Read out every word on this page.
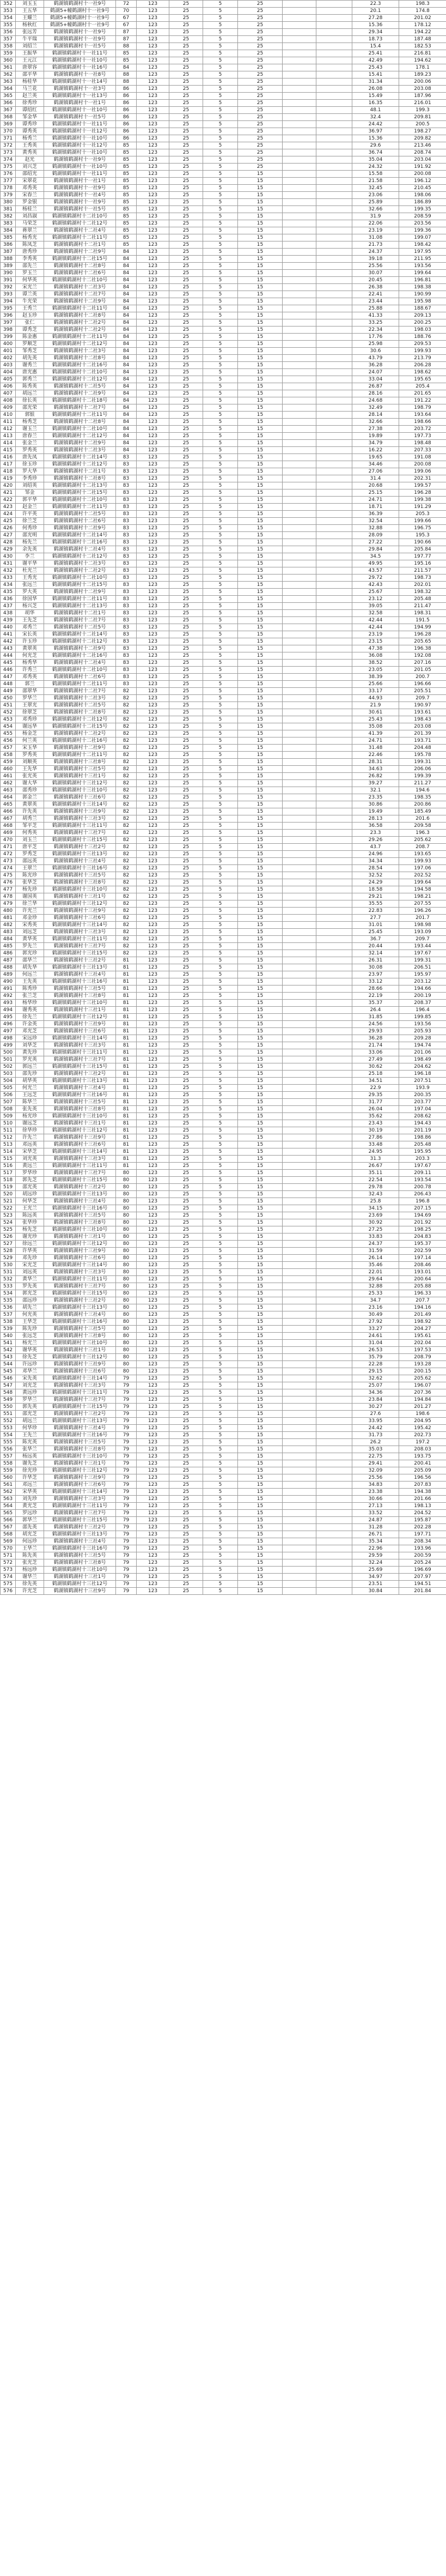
352	刘玉玉	鹤湖镇鹤湖村十一社9号	72	123	25	5	25			22.3	198.3
353	王五华	鹤湖5+幢鹤湖村十一社9号	70	123	25	5	25			20.1	174.8
354	王耀兰	鹤湖5+幢鹤湖村十一社9号	67	123	25	5	25			27.28	201.02
355	杨秋红	鹤湖5+幢鹤湖村十一社9号	67	123	25	5	25			15.36	178.12
356	张远芳	鹤湖镇鹤湖村十一社9号	87	123	25	5	25			29.34	194.22
357	牛平瑞	鹤湖镇鹤湖村十一社9号	87	123	25	5	25			18.73	187.48
358	刘绍兰	鹤湖镇鹤湖村十一社5号	88	123	25	5	25			15.4	182.53
359	王振华	鹤湖镇鹤湖村十一社11号	85	123	25	5	25			25.41	216.81
360	王元江	鹤湖镇鹤湖村十一社10号	85	123	25	5	25			42.49	194.62
361	唐翠容	鹤湖镇鹤湖村十一社16号	84	123	25	5	25			25.43	178.1
362	邵平华	鹤湖镇鹤湖村十一社8号	88	123	25	5	25			15.41	189.23
363	杨桂华	鹤湖镇鹤湖村十一社14号	88	123	25	5	25			31.34	200.06
364	马兰花	鹤湖镇鹤湖村十一社3号	86	123	25	5	25			26.08	203.08
365	赵兰英	鹤湖镇鹤湖村十一社13号	86	123	25	5	25			15.49	187.96
366	徐秀珍	鹤湖镇鹤湖村十一社1号	86	123	25	5	25			16.35	216.01
367	谭绍红	鹤湖镇鹤湖村十一社10号	86	123	25	5	25			48.1	199.3
368	邹金华	鹤湖镇鹤湖村十一社5号	86	123	25	5	25			32.4	209.81
369	谭秀珍	鹤湖镇鹤湖村十一社11号	86	123	25	5	25			24.42	200.5
370	谭秀英	鹤湖镇鹤湖村十一社12号	86	123	25	5	25			36.97	198.27
371	杨秀兰	鹤湖镇鹤湖村十一社10号	86	123	25	5	25			15.36	209.82
372	王秀英	鹤湖镇鹤湖村十一社12号	85	123	25	5	25			29.6	213.46
373	黄秀英	鹤湖镇鹤湖村十一社10号	85	123	25	5	25			36.74	208.74
374	赵光	鹤湖镇鹤湖村十一社9号	85	123	25	5	25			35.04	203.04
375	刘兴芝	鹤湖镇鹤湖村十一社10号	85	123	25	5	25			24.32	191.92
376	邵绍光	鹤湖镇鹤湖村十一社11号	85	123	25	5	15			15.58	200.08
377	宋翠花	鹤湖镇鹤湖村十一社1号	85	123	25	5	15			21.58	196.12
378	邓秀英	鹤湖镇鹤湖村十一社9号	85	123	25	5	15			32.45	210.45
379	宋春兰	鹤湖镇鹤湖村十一社4号	85	123	25	5	15			23.06	198.06
380	罗金银	鹤湖镇鹤湖村十一社9号	85	123	25	5	15			25.89	186.89
381	杨桂兰	鹤湖镇鹤湖村十一社5号	85	123	25	5	15			32.66	199.35
382	刘昌淑	鹤湖镇鹤湖村十二社10号	85	123	25	5	15			31.9	208.59
383	马荣芝	鹤湖镇鹤湖村十二社12号	85	123	25	5	15			22.06	203.56
384	蒋翠兰	鹤湖镇鹤湖村十二社4号	85	123	25	5	15			23.19	199.36
385	杨秀光	鹤湖镇鹤湖村十二社11号	85	123	25	5	15			31.08	199.07
386	陈凤芝	鹤湖镇鹤湖村十二社1号	85	123	25	5	15			21.73	198.42
387	唐秀珍	鹤湖镇鹤湖村十二社9号	84	123	25	5	15			24.37	197.95
388	李秀英	鹤湖镇鹤湖村十二社15号	84	123	25	5	15			39.18	211.95
389	邵先兰	鹤湖镇鹤湖村十二社8号	84	123	25	5	15			25.56	193.56
390	罗玉兰	鹤湖镇鹤湖村十二社6号	84	123	25	5	15			30.07	199.64
391	何华英	鹤湖镇鹤湖村十二社10号	84	123	25	5	15			20.45	196.81
392	宋光兰	鹤湖镇鹤湖村十二社3号	84	123	25	5	15			26.38	198.38
393	谭兰英	鹤湖镇鹤湖村十二社7号	84	123	25	5	15			22.41	190.99
394	牛光荣	鹤湖镇鹤湖村十二社9号	84	123	25	5	15			23.44	195.98
395	王秀兰	鹤湖镇鹤湖村十二社11号	84	123	25	5	15			25.88	188.67
396	赵玉珍	鹤湖镇鹤湖村十二社8号	84	123	25	5	15			41.33	209.13
397	张仁	鹤湖镇鹤湖村十二社2号	84	123	25	5	15			33.25	200.25
398	谭秀芝	鹤湖镇鹤湖村十二社2号	84	123	25	5	15			22.34	198.03
399	陈金惠	鹤湖镇鹤湖村十二社11号	84	123	25	5	15			17.76	188.76
400	罗顺芝	鹤湖镇鹤湖村十二社12号	84	123	25	5	15			25.98	209.53
401	邹秀芝	鹤湖镇鹤湖村十二社3号	84	123	25	5	15			30.6	199.93
402	胡先英	鹤湖镇鹤湖村十二社8号	84	123	25	5	15			43.79	213.79
403	谢秀兰	鹤湖镇鹤湖村十二社16号	84	123	25	5	15			36.28	206.28
404	唐光惠	鹤湖镇鹤湖村十二社10号	84	123	25	5	15			24.07	198.62
405	郭秀兰	鹤湖镇鹤湖村十二社12号	84	123	25	5	15			33.04	195.65
406	陈秀英	鹤湖镇鹤湖村十二社5号	84	123	25	5	15			26.87	205.4
407	胡远兰	鹤湖镇鹤湖村十二社9号	84	123	25	5	15			28.16	201.65
408	徐长英	鹤湖镇鹤湖村十二社18号	84	123	25	5	15			24.68	191.22
409	邵光荣	鹤湖镇鹤湖村十二社7号	84	123	25	5	15			32.49	198.79
410	郭银	鹤湖镇鹤湖村十二社11号	84	123	25	5	15			28.14	193.64
411	杨秀芝	鹤湖镇鹤湖村十二社8号	84	123	25	5	15			32.66	198.66
412	谢玉兰	鹤湖镇鹤湖村十二社10号	84	123	25	5	15			27.38	203.72
413	唐春兰	鹤湖镇鹤湖村十二社12号	84	123	25	5	15			19.89	197.73
414	张金兰	鹤湖镇鹤湖村十二社9号	84	123	25	5	15			34.79	198.48
415	罗秀英	鹤湖镇鹤湖村十二社3号	84	123	25	5	15			16.22	207.33
416	唐先凤	鹤湖镇鹤湖村十二社14号	83	123	25	5	15			19.65	191.08
417	徐玉珍	鹤湖镇鹤湖村十二社12号	83	123	25	5	15			34.46	200.08
418	罗大华	鹤湖镇鹤湖村十二社1号	83	123	25	5	15			27.06	199.06
419	李秀珍	鹤湖镇鹤湖村十二社8号	83	123	25	5	15			31.4	202.31
420	刘绍英	鹤湖镇鹤湖村十二社13号	83	123	25	5	15			20.68	199.57
421	邹金	鹤湖镇鹤湖村十二社15号	83	123	25	5	15			25.15	196.28
422	郭平华	鹤湖镇鹤湖村十二社10号	83	123	25	5	15			24.71	199.38
423	赵金兰	鹤湖镇鹤湖村十二社11号	83	123	25	5	15			18.71	191.29
424	许平英	鹤湖镇鹤湖村十二社5号	83	123	25	5	15			36.39	205.3
425	徐兰芝	鹤湖镇鹤湖村十二社6号	83	123	25	5	15			32.54	199.66
426	何秀珍	鹤湖镇鹤湖村十二社9号	83	123	25	5	15			32.88	196.75
427	邵光明	鹤湖镇鹤湖村十二社14号	83	123	25	5	15			28.09	195.3
428	杨先兰	鹤湖镇鹤湖村十二社16号	83	123	25	5	15			27.22	190.66
429	余先英	鹤湖镇鹤湖村十二社4号	83	123	25	5	15			29.84	205.84
430	李兰	鹤湖镇鹤湖村十二社12号	83	123	25	5	15			34.5	197.77
431	谢平华	鹤湖镇鹤湖村十二社3号	83	123	25	5	15			49.95	195.16
432	杜光兰	鹤湖镇鹤湖村十二社2号	83	123	25	5	15			43.57	211.57
433	王秀光	鹤湖镇鹤湖村十二社10号	83	123	25	5	15			29.72	198.73
434	张远兰	鹤湖镇鹤湖村十二社15号	83	123	25	5	15			42.43	202.01
435	罗大英	鹤湖镇鹤湖村十二社9号	83	123	25	5	15			25.67	198.32
436	徐国华	鹤湖镇鹤湖村十二社11号	83	123	25	5	15			23.12	205.48
437	杨兴芝	鹤湖镇鹤湖村十二社13号	83	123	25	5	15			39.05	211.47
438	胡华	鹤湖镇鹤湖村十二社1号	83	123	25	5	15			32.58	198.31
439	王先芝	鹤湖镇鹤湖村十二社7号	83	123	25	5	15			42.44	191.5
440	邓秀兰	鹤湖镇鹤湖村十二社5号	83	123	25	5	15			42.44	194.99
441	宋长英	鹤湖镇鹤湖村十二社14号	83	123	25	5	15			23.19	196.28
442	许玉珍	鹤湖镇鹤湖村十二社12号	83	123	25	5	15			23.15	205.65
443	黄翠英	鹤湖镇鹤湖村十二社9号	83	123	25	5	15			47.38	196.38
444	何光芝	鹤湖镇鹤湖村十二社16号	83	123	25	5	15			36.08	192.08
445	杨秀华	鹤湖镇鹤湖村十二社4号	83	123	25	5	15			38.52	207.16
446	许秀兰	鹤湖镇鹤湖村十二社10号	83	123	25	5	15			23.05	201.05
447	邓秀英	鹤湖镇鹤湖村十二社6号	83	123	25	5	15			38.39	200.7
448	郭兰	鹤湖镇鹤湖村十二社11号	83	123	25	5	15			25.66	196.66
449	邵翠华	鹤湖镇鹤湖村十二社7号	82	123	25	5	15			33.17	205.51
450	罗华兰	鹤湖镇鹤湖村十二社3号	82	123	25	5	15			44.93	209.7
451	王翠光	鹤湖镇鹤湖村十二社5号	82	123	25	5	15			21.9	190.97
452	徐翠芝	鹤湖镇鹤湖村十二社8号	82	123	25	5	15			30.61	193.61
453	邓秀珍	鹤湖镇鹤湖村十二社12号	82	123	25	5	15			25.43	198.43
454	谢远华	鹤湖镇鹤湖村十二社15号	82	123	25	5	15			35.08	203.08
455	杨金芝	鹤湖镇鹤湖村十二社2号	82	123	25	5	15			41.39	201.39
456	何兰英	鹤湖镇鹤湖村十二社16号	82	123	25	5	15			24.71	193.71
457	宋玉华	鹤湖镇鹤湖村十二社9号	82	123	25	5	15			31.48	204.48
458	罗秀英	鹤湖镇鹤湖村十二社11号	82	123	25	5	15			22.46	195.78
459	刘顺英	鹤湖镇鹤湖村十三社8号	82	123	25	5	15			28.31	199.31
460	王先华	鹤湖镇鹤湖村十三社5号	82	123	25	5	15			34.63	206.06
461	张光英	鹤湖镇鹤湖村十三社1号	82	123	25	5	15			26.82	199.39
462	谢大华	鹤湖镇鹤湖村十三社12号	82	123	25	5	15			39.27	211.27
463	邵秀珍	鹤湖镇鹤湖村十三社10号	82	123	25	5	15			32.1	194.6
464	郭金兰	鹤湖镇鹤湖村十三社6号	82	123	25	5	15			23.35	198.35
465	黄翠英	鹤湖镇鹤湖村十三社14号	82	123	25	5	15			30.86	200.86
466	许先英	鹤湖镇鹤湖村十三社9号	82	123	25	5	15			19.49	185.49
467	胡秀兰	鹤湖镇鹤湖村十三社3号	82	123	25	5	15			28.13	201.6
468	邹平芝	鹤湖镇鹤湖村十三社11号	82	123	25	5	15			36.58	209.58
469	何秀英	鹤湖镇鹤湖村十三社7号	82	123	25	5	15			23.3	196.3
470	刘玉兰	鹤湖镇鹤湖村十三社15号	82	123	25	5	15			29.26	205.62
471	唐平芝	鹤湖镇鹤湖村十三社2号	82	123	25	5	15			43.7	208.7
472	罗秀芝	鹤湖镇鹤湖村十三社13号	82	123	25	5	15			24.96	193.65
473	邵远英	鹤湖镇鹤湖村十三社4号	82	123	25	5	15			34.34	199.93
474	王翠兰	鹤湖镇鹤湖村十三社16号	82	123	25	5	15			28.54	197.06
475	陈光珍	鹤湖镇鹤湖村十三社5号	82	123	25	5	15			32.52	202.52
476	张华芝	鹤湖镇鹤湖村十三社8号	82	123	25	5	15			24.29	199.64
477	杨先珍	鹤湖镇鹤湖村十三社10号	82	123	25	5	15			18.58	194.58
478	谢国英	鹤湖镇鹤湖村十三社1号	82	123	25	5	15			29.21	198.21
479	徐兰华	鹤湖镇鹤湖村十三社12号	82	123	25	5	15			35.55	207.55
480	许光兰	鹤湖镇鹤湖村十三社9号	82	123	25	5	15			22.83	196.26
481	邓金珍	鹤湖镇鹤湖村十三社6号	82	123	25	5	15			27.7	201.7
482	宋秀英	鹤湖镇鹤湖村十三社14号	82	123	25	5	15			31.01	198.98
483	刘远芝	鹤湖镇鹤湖村十三社3号	82	123	25	5	15			25.45	193.09
484	黄华英	鹤湖镇鹤湖村十三社11号	82	123	25	5	15			36.7	209.7
485	罗先兰	鹤湖镇鹤湖村十三社7号	82	123	25	5	15			20.44	193.44
486	郭光珍	鹤湖镇鹤湖村十三社15号	82	123	25	5	15			32.14	197.67
487	邵华兰	鹤湖镇鹤湖村十三社2号	81	123	25	5	15			26.31	199.31
488	胡先华	鹤湖镇鹤湖村十三社13号	81	123	25	5	15			30.08	206.51
489	何远兰	鹤湖镇鹤湖村十三社4号	81	123	25	5	15			23.97	195.97
490	王先英	鹤湖镇鹤湖村十三社16号	81	123	25	5	15			33.12	203.12
491	陈秀珍	鹤湖镇鹤湖村十三社5号	81	123	25	5	15			28.66	194.66
492	张兰芝	鹤湖镇鹤湖村十三社8号	81	123	25	5	15			22.19	200.19
493	杨华珍	鹤湖镇鹤湖村十三社10号	81	123	25	5	15			35.37	208.37
494	谢秀英	鹤湖镇鹤湖村十三社1号	81	123	25	5	15			26.4	196.4
495	徐先兰	鹤湖镇鹤湖村十三社12号	81	123	25	5	15			31.85	199.85
496	许金英	鹤湖镇鹤湖村十三社9号	81	123	25	5	15			24.56	193.56
497	邓光芝	鹤湖镇鹤湖村十三社6号	81	123	25	5	15			29.93	205.93
498	宋远珍	鹤湖镇鹤湖村十三社14号	81	123	25	5	15			36.28	209.28
499	刘华芝	鹤湖镇鹤湖村十三社3号	81	123	25	5	15			21.74	194.74
500	黄先珍	鹤湖镇鹤湖村十三社11号	81	123	25	5	15			33.06	201.06
501	罗光英	鹤湖镇鹤湖村十三社7号	81	123	25	5	15			27.49	198.49
502	郭远兰	鹤湖镇鹤湖村十三社15号	81	123	25	5	15			30.62	204.62
503	邵先珍	鹤湖镇鹤湖村十三社2号	81	123	25	5	15			25.18	196.18
504	胡华英	鹤湖镇鹤湖村十三社13号	81	123	25	5	15			34.51	207.51
505	何光兰	鹤湖镇鹤湖村十三社4号	81	123	25	5	15			22.9	193.9
506	王远芝	鹤湖镇鹤湖村十三社16号	81	123	25	5	15			29.35	200.35
507	陈华兰	鹤湖镇鹤湖村十三社5号	81	123	25	5	15			31.77	203.77
508	张先英	鹤湖镇鹤湖村十三社8号	81	123	25	5	15			26.04	197.04
509	杨光珍	鹤湖镇鹤湖村十三社10号	81	123	25	5	15			35.62	208.62
510	谢远芝	鹤湖镇鹤湖村十三社1号	81	123	25	5	15			23.43	194.43
511	徐华珍	鹤湖镇鹤湖村十三社12号	81	123	25	5	15			30.19	201.19
512	许先兰	鹤湖镇鹤湖村十三社9号	81	123	25	5	15			27.86	198.86
513	邓远英	鹤湖镇鹤湖村十三社6号	81	123	25	5	15			33.48	205.48
514	宋华芝	鹤湖镇鹤湖村十三社14号	81	123	25	5	15			24.95	195.95
515	刘光英	鹤湖镇鹤湖村十三社3号	81	123	25	5	15			31.3	203.3
516	黄远兰	鹤湖镇鹤湖村十三社11号	81	123	25	5	15			26.67	197.67
517	罗华珍	鹤湖镇鹤湖村十三社7号	80	123	25	5	15			35.11	209.11
518	郭先芝	鹤湖镇鹤湖村十三社15号	80	123	25	5	15			22.54	193.54
519	邵光英	鹤湖镇鹤湖村十三社2号	80	123	25	5	15			29.78	200.78
520	胡远珍	鹤湖镇鹤湖村十三社13号	80	123	25	5	15			32.43	206.43
521	何华芝	鹤湖镇鹤湖村十三社4号	80	123	25	5	15			25.8	196.8
522	王光兰	鹤湖镇鹤湖村十三社16号	80	123	25	5	15			34.15	207.15
523	陈远英	鹤湖镇鹤湖村十三社5号	80	123	25	5	15			23.69	194.69
524	张华珍	鹤湖镇鹤湖村十三社8号	80	123	25	5	15			30.92	201.92
525	杨先芝	鹤湖镇鹤湖村十三社10号	80	123	25	5	15			27.25	198.25
526	谢光珍	鹤湖镇鹤湖村十三社1号	80	123	25	5	15			33.83	204.83
527	徐远兰	鹤湖镇鹤湖村十三社12号	80	123	25	5	15			24.37	195.37
528	许华英	鹤湖镇鹤湖村十三社9号	80	123	25	5	15			31.59	202.59
529	邓先珍	鹤湖镇鹤湖村十三社6号	80	123	25	5	15			26.14	197.14
530	宋光芝	鹤湖镇鹤湖村十三社14号	80	123	25	5	15			35.46	208.46
531	刘远英	鹤湖镇鹤湖村十三社3号	80	123	25	5	15			22.01	193.01
532	黄华兰	鹤湖镇鹤湖村十三社11号	80	123	25	5	15			29.64	200.64
533	罗先英	鹤湖镇鹤湖村十三社7号	80	123	25	5	15			32.88	205.88
534	郭光芝	鹤湖镇鹤湖村十三社15号	80	123	25	5	15			25.33	196.33
535	邵远珍	鹤湖镇鹤湖村十三社2号	80	123	25	5	15			34.7	207.7
536	胡先兰	鹤湖镇鹤湖村十三社13号	80	123	25	5	15			23.16	194.16
537	何光英	鹤湖镇鹤湖村十三社4号	80	123	25	5	15			30.49	201.49
538	王华芝	鹤湖镇鹤湖村十三社16号	80	123	25	5	15			27.92	198.92
539	陈先珍	鹤湖镇鹤湖村十三社5号	80	123	25	5	15			33.27	204.27
540	张远芝	鹤湖镇鹤湖村十三社8号	80	123	25	5	15			24.61	195.61
541	杨光兰	鹤湖镇鹤湖村十三社10号	80	123	25	5	15			31.04	202.04
542	谢华英	鹤湖镇鹤湖村十三社1号	80	123	25	5	15			26.53	197.53
543	徐先芝	鹤湖镇鹤湖村十三社12号	80	123	25	5	15			35.79	208.79
544	许远珍	鹤湖镇鹤湖村十三社9号	80	123	25	5	15			22.28	193.28
545	邓华兰	鹤湖镇鹤湖村十三社6号	80	123	25	5	15			29.15	200.15
546	宋先英	鹤湖镇鹤湖村十三社14号	79	123	25	5	15			32.62	205.62
547	刘光芝	鹤湖镇鹤湖村十三社3号	79	123	25	5	15			25.07	196.07
548	黄远珍	鹤湖镇鹤湖村十三社11号	79	123	25	5	15			34.36	207.36
549	罗华兰	鹤湖镇鹤湖村十三社7号	79	123	25	5	15			23.84	194.84
550	郭先英	鹤湖镇鹤湖村十三社15号	79	123	25	5	15			30.27	201.27
551	邵光芝	鹤湖镇鹤湖村十三社2号	79	123	25	5	15			27.6	198.6
552	胡远兰	鹤湖镇鹤湖村十三社13号	79	123	25	5	15			33.95	204.95
553	何华珍	鹤湖镇鹤湖村十三社4号	79	123	25	5	15			24.42	195.42
554	王先兰	鹤湖镇鹤湖村十三社16号	79	123	25	5	15			31.73	202.73
555	陈光英	鹤湖镇鹤湖村十三社5号	79	123	25	5	15			26.2	197.2
556	张华兰	鹤湖镇鹤湖村十三社8号	79	123	25	5	15			35.03	208.03
557	杨远英	鹤湖镇鹤湖村十三社10号	79	123	25	5	15			22.75	193.75
558	谢先芝	鹤湖镇鹤湖村十三社1号	79	123	25	5	15			29.41	200.41
559	徐光珍	鹤湖镇鹤湖村十三社12号	79	123	25	5	15			32.09	205.09
560	许华芝	鹤湖镇鹤湖村十三社9号	79	123	25	5	15			25.56	196.56
561	邓远兰	鹤湖镇鹤湖村十三社6号	79	123	25	5	15			34.83	207.83
562	宋华英	鹤湖镇鹤湖村十三社14号	79	123	25	5	15			23.38	194.38
563	刘先珍	鹤湖镇鹤湖村十三社3号	79	123	25	5	15			30.66	201.66
564	黄光芝	鹤湖镇鹤湖村十三社11号	79	123	25	5	15			27.13	198.13
565	罗远珍	鹤湖镇鹤湖村十三社7号	79	123	25	5	15			33.52	204.52
566	郭华兰	鹤湖镇鹤湖村十三社15号	79	123	25	5	15			24.87	195.87
567	邵先英	鹤湖镇鹤湖村十三社2号	79	123	25	5	15			31.28	202.28
568	胡光芝	鹤湖镇鹤湖村十三社13号	79	123	25	5	15			26.71	197.71
569	何远珍	鹤湖镇鹤湖村十三社4号	79	123	25	5	15			35.34	208.34
570	王华兰	鹤湖镇鹤湖村十三社16号	79	123	25	5	15			22.96	193.96
571	陈先英	鹤湖镇鹤湖村十三社5号	79	123	25	5	15			29.59	200.59
572	张光芝	鹤湖镇鹤湖村十三社8号	79	123	25	5	15			32.24	205.24
573	杨远珍	鹤湖镇鹤湖村十三社10号	79	123	25	5	15			25.69	196.69
574	谢华兰	鹤湖镇鹤湖村十三社1号	79	123	25	5	15			34.97	207.97
575	徐先英	鹤湖镇鹤湖村十三社12号	79	123	25	5	15			23.51	194.51
576	许光芝	鹤湖镇鹤湖村十三社9号	79	123	25	5	15			30.84	201.84
